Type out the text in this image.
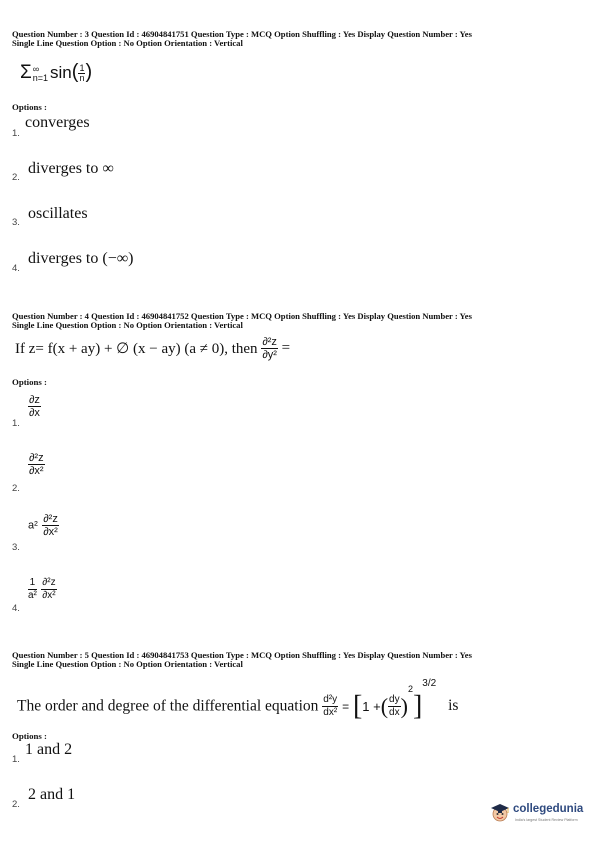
Question Number : 3 Question Id : 46904841751 Question Type : MCQ Option Shuffling : Yes Display Question Number : Yes
Single Line Question Option : No Option Orientation : Vertical
Σ ∞
n=1 $\sin( \frac{1}{n}$ )
Options :
1.
converges
2.
diverges to ∞
3.
oscillates
4.
diverges to (−∞)
Question Number : 4 Question Id : 46904841752 Question Type : MCQ Option Shuffling : Yes Display Question Number : Yes
Single Line Question Option : No Option Orientation : Vertical
If z= f(x + ay) + ∅ (x − ay) (a ≠ 0), then $\frac{\text{∂²z}}{\text{∂y²}}$ =
Options :
1.
$\frac{\partial z}{\partial x}$
2.
$\frac{\text{∂²z}}{\text{∂x²}}$
3.
$a^2 \frac{\text{∂²z}}{\text{∂x²}}$
4.
$\frac{1}{\text{a²}}$
$\frac{\text{∂²z}}{\text{∂x²}}$
Question Number : 5 Question Id : 46904841753 Question Type : MCQ Option Shuffling : Yes Display Question Number : Yes
Single Line Question Option : No Option Orientation : Vertical
The order and degree of the differential equation $\frac{\text{d²y}}{\text{dx²}} = [1$ +( $\frac{dy}{dx} )^2]^{3/2}$ is
Options :
1.
1 and 2
2.
2 and 1
collegedunia
India's largest Student Review Platform
